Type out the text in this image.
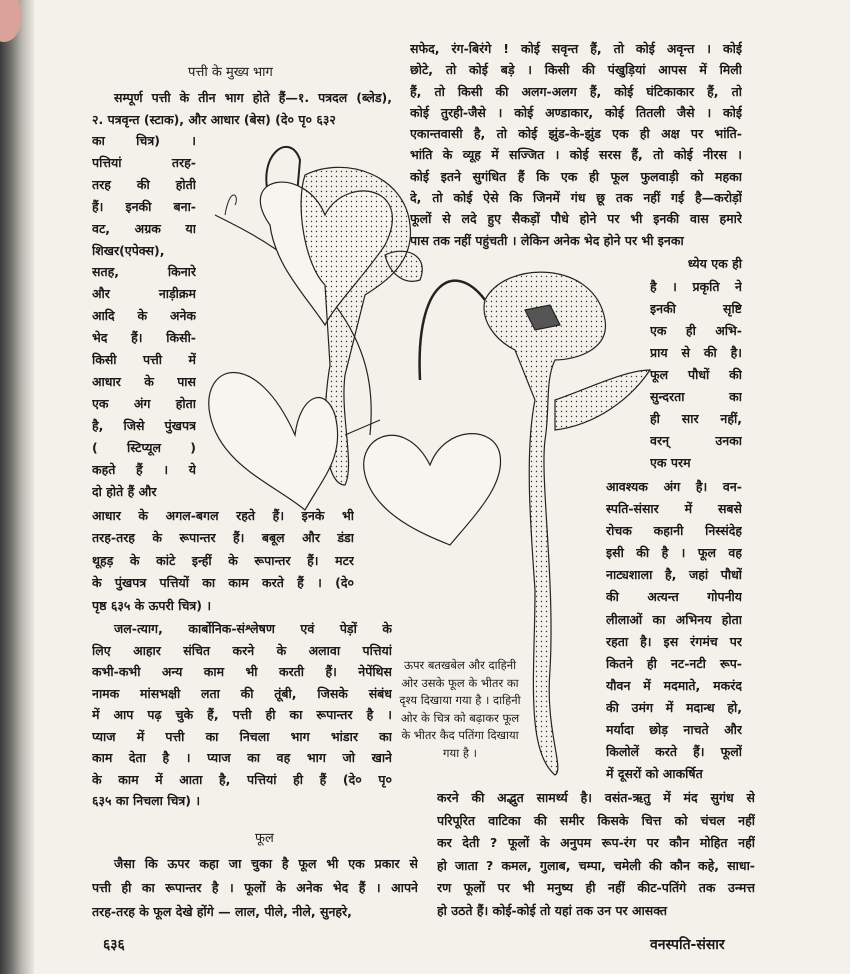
पत्ती के मुख्य भाग
सम्पूर्ण पत्ती के तीन भाग होते हैं—१. पत्रदल (ब्लेड),
२. पत्रवृन्त (स्टाक), और आधार (बेस) (दे० पृ० ६३२
का चित्र) ।
पत्तियां तरह-
तरह की होती
हैं। इनकी बना-
वट, अग्रक या
शिखर(एपेक्स),
सतह, किनारे
और नाड़ीक्रम
आदि के अनेक
भेद हैं। किसी-
किसी पत्ती में
आधार के पास
एक अंग होता
है, जिसे पुंखपत्र
( स्टिप्यूल )
कहते हैं । ये
दो होते हैं और
आधार के अगल-बगल रहते हैं। इनके भी
तरह-तरह के रूपान्तर हैं। बबूल और डंडा
थूहड़ के कांटे इन्हीं के रूपान्तर हैं। मटर
के पुंखपत्र पत्तियों का काम करते हैं । (दे०
पृष्ठ ६३५ के ऊपरी चित्र) ।
जल-त्याग, कार्बोनिक-संश्लेषण एवं पेड़ों के
लिए आहार संचित करने के अलावा पत्तियां
कभी-कभी अन्य काम भी करती हैं। नेपेंथिस
नामक मांसभक्षी लता की तूंबी, जिसके संबंध
में आप पढ़ चुके हैं, पत्ती ही का रूपान्तर है ।
प्याज में पत्ती का निचला भाग भांडार का
काम देता है । प्याज का वह भाग जो खाने
के काम में आता है, पत्तियां ही हैं (दे० पृ०
६३५ का निचला चित्र) ।
फूल
जैसा कि ऊपर कहा जा चुका है फूल भी एक प्रकार से
पत्ती ही का रूपान्तर है । फूलों के अनेक भेद हैं । आपने
तरह-तरह के फूल देखे होंगे — लाल, पीले, नीले, सुनहरे,
सफेद, रंग-बिरंगे ! कोई सवृन्त हैं, तो कोई अवृन्त । कोई
छोटे, तो कोई बड़े । किसी की पंखुड़ियां आपस में मिली
हैं, तो किसी की अलग-अलग हैं, कोई घंटिकाकार हैं, तो
कोई तुरही-जैसे । कोई अण्डाकार, कोई तितली जैसे । कोई
एकान्तवासी है, तो कोई झुंड-के-झुंड एक ही अक्ष पर भांति-
भांति के व्यूह में सज्जित । कोई सरस हैं, तो कोई नीरस ।
कोई इतने सुगंधित हैं कि एक ही फूल फुलवाड़ी को महका
दे, तो कोई ऐसे कि जिनमें गंध छू तक नहीं गई है—करोड़ों
फूलों से लदे हुए सैकड़ों पौधे होने पर भी इनकी वास हमारे
पास तक नहीं पहुंचती । लेकिन अनेक भेद होने पर भी इनका
ध्येय एक ही
है । प्रकृति ने
इनकी सृष्टि
एक ही अभि-
प्राय से की है।
फूल पौधों की
सुन्दरता का
ही सार नहीं,
वरन् उनका
एक परम
आवश्यक अंग है। वन-
स्पति-संसार में सबसे
रोचक कहानी निस्संदेह
इसी की है । फूल वह
नाट्यशाला है, जहां पौधों
की अत्यन्त गोपनीय
लीलाओं का अभिनय होता
रहता है। इस रंगमंच पर
कितने ही नट-नटी रूप-
यौवन में मदमाते, मकरंद
की उमंग में मदान्ध हो,
मर्यादा छोड़ नाचते और
किलोलें करते हैं। फूलों
में दूसरों को आकर्षित
करने की अद्भुत सामर्थ्य है। वसंत-ऋतु में मंद सुगंध से
परिपूरित वाटिका की समीर किसके चित्त को चंचल नहीं
कर देती ? फूलों के अनुपम रूप-रंग पर कौन मोहित नहीं
हो जाता ? कमल, गुलाब, चम्पा, चमेली की कौन कहे, साधा-
रण फूलों पर भी मनुष्य ही नहीं कीट-पतिंगे तक उन्मत्त
हो उठते हैं। कोई-कोई तो यहां तक उन पर आसक्त
ऊपर बतखबेल और दाहिनी
ओर उसके फूल के भीतर का
दृश्य दिखाया गया है । दाहिनी
ओर के चित्र को बढ़ाकर फूल
के भीतर कैद पतिंगा दिखाया
गया है ।
६३६	वनस्पति-संसार
